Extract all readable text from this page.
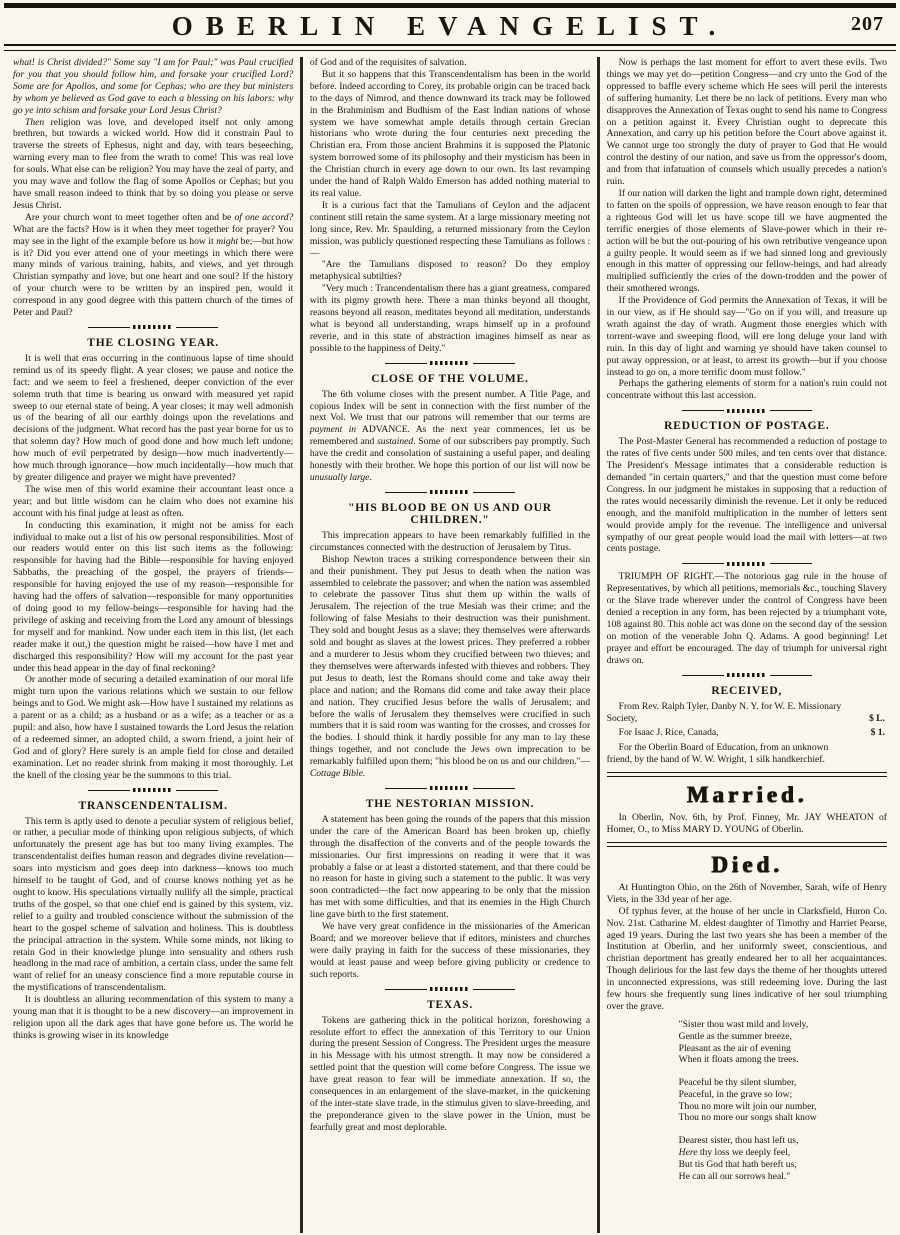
OBERLIN EVANGELIST.	207

what! is Christ divided?" Some say "I am for Paul;" was Paul crucified for you that you should follow him, and forsake your crucified Lord? Some are for Apollos, and some for Cephas; who are they but ministers by whom ye believed as God gave to each a blessing on his labors: why go ye into schism and forsake your Lord Jesus Christ?

Then religion was love, and developed itself not only among brethren, but towards a wicked world. How did it constrain Paul to traverse the streets of Ephesus, night and day, with tears beseeching, warning every man to flee from the wrath to come! This was real love for souls. What else can be religion? You may have the zeal of party, and you may wave and follow the flag of some Apollos or Cephas; but you have small reason indeed to think that by so doing you please or serve Jesus Christ.

Are your church wont to meet together often and be of one accord? What are the facts? How is it when they meet together for prayer? You may see in the light of the example before us how it might be;—but how is it? Did you ever attend one of your meetings in which there were many minds of various training, habits, and views, and yet through Christian sympathy and love, but one heart and one soul? If the history of your church were to be written by an inspired pen, would it correspond in any good degree with this pattern church of the times of Peter and Paul?

THE CLOSING YEAR.

It is well that eras occurring in the continuous lapse of time should remind us of its speedy flight. A year closes; we pause and notice the fact: and we seem to feel a freshened, deeper conviction of the ever solemn truth that time is bearing us onward with measured yet rapid sweep to our eternal state of being. A year closes; it may well admonish us of the bearing of all our earthly doings upon the revelations and decisions of the judgment. What record has the past year borne for us to that solemn day? How much of good done and how much left undone; how much of evil perpetrated by design—how much inadvertently—how much through ignorance—how much incidentally—how much that by greater diligence and prayer we might have prevented?

The wise men of this world examine their accountant least once a year; and but little wisdom can he claim who does not examine his account with his final judge at least as often.

In conducting this examination, it might not be amiss for each individual to make out a list of his ow personal responsibilities. Most of our readers would enter on this list such items as the following: responsible for having had the Bible—responsible for having enjoyed Sabbaths, the preaching of the gospel, the prayers of friends—responsible for having enjoyed the use of my reason—responsible for having had the offers of salvation—responsible for many opportunities of doing good to my fellow-beings—responsible for having had the privilege of asking and receiving from the Lord any amount of blessings for myself and for mankind. Now under each item in this list, (let each reader make it out,) the question might be raised—how have I met and discharged this responsibility? How will my account for the past year under this head appear in the day of final reckoning?

Or another mode of securing a detailed examination of our moral life might turn upon the various relations which we sustain to our fellow beings and to God. We might ask—How have I sustained my relations as a parent or as a child; as a husband or as a wife; as a teacher or as a pupil: and also, how have I sustained towards the Lord Jesus the relation of a redeemed sinner, an adopted child, a sworn friend, a joint heir of God and of glory? Here surely is an ample field for close and detailed examination. Let no reader shrink from making it most thoroughly. Let the knell of the closing year be the summons to this trial.

TRANSCENDENTALISM.

This term is aptly used to denote a peculiar system of religious belief, or rather, a peculiar mode of thinking upon religious subjects, of which unfortunately the present age has but too many living examples. The transcendentalist deifies human reason and degrades divine revelation—soars into mysticism and goes deep into darkness—knows too much himself to be taught of God, and of course knows nothing yet as he ought to know. His speculations virtually nullify all the simple, practical truths of the gospel, so that one chief end is gained by this system, viz. relief to a guilty and troubled conscience without the submission of the heart to the gospel scheme of salvation and holiness. This is doubtless the principal attraction in the system. While some minds, not liking to retain God in their knowledge plunge into sensuality and others rush headlong in the mad race of ambition, a certain class, under the same felt want of relief for an uneasy conscience find a more reputable course in the mystifications of transcendentalism.

It is doubtless an alluring recommendation of this system to many a young man that it is thought to be a new discovery—an improvement in religion upon all the dark ages that have gone before us. The world he thinks is growing wiser in its knowledge

of God and of the requisites of salvation.

But it so happens that this Transcendentalism has been in the world before. Indeed according to Corey, its probable origin can be traced back to the days of Nimrod, and thence downward its track may be followed in the Brahminism and Budhism of the East Indian nations of whose system we have somewhat ample details through certain Grecian historians who wrote during the four centuries next preceding the Christian era. From those ancient Brahmins it is supposed the Platonic system borrowed some of its philosophy and their mysticism has been in the Christian church in every age down to our own. Its last revamping under the hand of Ralph Waldo Emerson has added nothing material to its real value.

It is a curious fact that the Tamulians of Ceylon and the adjacent continent still retain the same system. At a large missionary meeting not long since, Rev. Mr. Spaulding, a returned missionary from the Ceylon mission, was publicly questioned respecting these Tamulians as follows :—

"Are the Tamulians disposed to reason? Do they employ metaphysical subtilties?

"Very much : Trancendentalism there has a giant greatness, compared with its pigmy growth here. There a man thinks beyond all thought, reasons beyond all reason, meditates beyond all meditation, understands what is beyond all understanding, wraps himself up in a profound reverie, and in this state of abstraction imagines himself as near as possible to the happiness of Deity."

CLOSE OF THE VOLUME.

The 6th volume closes with the present number. A Title Page, and copious Index will be sent in connection with the first number of the next Vol. We trust that our patrons will remember that our terms are payment in ADVANCE. As the next year commences, let us be remembered and sustained. Some of our subscribers pay promptly. Such have the credit and consolation of sustaining a useful paper, and dealing honestly with their brother. We hope this portion of our list will now be unusually large.

"HIS BLOOD BE ON US AND OUR CHILDREN."

This imprecation appears to have been remarkably fulfilled in the circumstances connected with the destruction of Jerusalem by Titus.

Bishop Newton traces a striking correspondence between their sin and their punishment. They put Jesus to death when the nation was assembled to celebrate the passover; and when the nation was assembled to celebrate the passover Titus shut them up within the walls of Jerusalem. The rejection of the true Mesiah was their crime; and the following of false Mesiahs to their destruction was their punishment. They sold and bought Jesus as a slave; they themselves were afterwards sold and bought as slaves at the lowest prices. They preferred a robber and a murderer to Jesus whom they crucified between two thieves; and they themselves were afterwards infested with thieves and robbers. They put Jesus to death, lest the Romans should come and take away their place and nation; and the Romans did come and take away their place and nation. They crucified Jesus before the walls of Jerusalem; and before the walls of Jerusalem they themselves were crucified in such numbers that it is said room was wanting for the crosses, and crosses for the bodies. I should think it hardly possible for any man to lay these things together, and not conclude the Jews own imprecation to be remarkably fulfilled upon them; "his blood be on us and our children."—Cottage Bible.

THE NESTORIAN MISSION.

A statement has been going the rounds of the papers that this mission under the care of the American Board has been broken up, chiefly through the disaffection of the converts and of the people towards the missionaries. Our first impressions on reading it were that it was probably a false or at least a distorted statement, and that there could be no reason for haste in giving such a statement to the public. It was very soon contradicted—the fact now appearing to be only that the mission has met with some difficulties, and that its enemies in the High Church line gave birth to the first statement.

We have very great confidence in the missionaries of the American Board; and we moreover believe that if editors, ministers and churches were daily praying in faith for the success of these missionaries, they would at least pause and weep before giving publicity or credence to such reports.

TEXAS.

Tokens are gathering thick in the political horizon, foreshowing a resolute effort to effect the annexation of this Territory to our Union during the present Session of Congress. The President urges the measure in his Message with his utmost strength. It may now be considered a settled point that the question will come before Congress. The issue we have great reason to fear will be immediate annexation. If so, the consequences in an enlargement of the slave-market, in the quickening of the inter-state slave trade, in the stimulus given to slave-breeding, and the preponderance given to the slave power in the Union, must be fearfully great and most deplorable.

Now is perhaps the last moment for effort to avert these evils. Two things we may yet do—petition Congress—and cry unto the God of the oppressed to baffle every scheme which He sees will peril the interests of suffering humanity. Let there be no lack of petitions. Every man who disapproves the Annexation of Texas ought to send his name to Congress on a petition against it. Every Christian ought to deprecate this Annexation, and carry up his petition before the Court above against it. We cannot urge too strongly the duty of prayer to God that He would control the destiny of our nation, and save us from the oppressor's doom, and from that infatuation of counsels which usually precedes a nation's ruin.

If our nation will darken the light and trample down right, determined to fatten on the spoils of oppression, we have reason enough to fear that a righteous God will let us have scope till we have augmented the terrific energies of those elements of Slave-power which in their re-action will be but the out-pouring of his own retributive vengeance upon a guilty people. It would seem as if we had sinned long and greviously enough in this matter of oppressing our fellow-beings, and had already multiplied sufficiently the cries of the down-trodden and the power of their smothered wrongs.

If the Providence of God permits the Annexation of Texas, it will be in our view, as if He should say—"Go on if you will, and treasure up wrath against the day of wrath. Augment those energies which with torrent-wave and sweeping flood, will ere long deluge your land with ruin. In this day of light and warning ye should have taken counsel to put away oppression, or at least, to arrest its growth—but if you choose instead to go on, a more terrific doom must follow."

Perhaps the gathering elements of storm for a nation's ruin could not concentrate without this last accession.

REDUCTION OF POSTAGE.

The Post-Master General has recommended a reduction of postage to the rates of five cents under 500 miles, and ten cents over that distance. The President's Message intimates that a considerable reduction is demanded "in certain quarters," and that the question must come before Congress. In our judgment he mistakes in supposing that a reduction of the rates would necessarily diminish the revenue. Let it only be reduced enough, and the manifold multiplication in the number of letters sent would provide amply for the revenue. The intelligence and universal sympathy of our great people would load the mail with letters—at two cents postage.

TRIUMPH OF RIGHT.—The notorious gag rule in the house of Representatives, by which all petitions, memorials &c., touching Slavery or the Slave trade wherever under the control of Congress have been denied a reception in any form, has been rejected by a triumphant vote, 108 against 80. This noble act was done on the second day of the session on motion of the venerable John Q. Adams. A good beginning! Let prayer and effort be encouraged. The day of triumph for universal right draws on.

RECEIVED,

From Rev. Ralph Tyler, Danby N. Y. for W. E. Missionary Society,	$ L.

For Isaac J. Rice, Canada,	$ 1.

For the Oberlin Board of Education, from an unknown friend, by the hand of W. W. Wright, 1 silk handkerchief.

Married.

In Oberlin, Nov. 6th, by Prof. Finney, Mr. JAY WHEATON of Homer, O., to Miss MARY D. YOUNG of Oberlin.

Died.

At Huntington Ohio, on the 26th of November, Sarah, wife of Henry Viets, in the 33d year of her age.

Of typhus fever, at the house of her uncle in Clarksfield, Huron Co. Nov. 21st. Catharine M. eldest daughter of Timothy and Harriet Pearse, aged 19 years. During the last two years she has been a member of the Institution at Oberlin, and her uniformly sweet, conscientious, and christian deportment has greatly endeared her to all her acquaintances. Though delirious for the last few days the theme of her thoughts uttered in unconnected expressions, was still redeeming love. During the last few hours she frequently sung lines indicative of her soul triumphing over the grave.

"Sister thou wast mild and lovely,
Gentle as the summer breeze,
Pleasant as the air of evening
When it floats among the trees.
Peaceful be thy silent slumber,
Peaceful, in the grave so low;
Thou no more wilt join our number,
Thou no more our songs shalt know
Dearest sister, thou hast left us,
Here thy loss we deeply feel,
But tis God that hath bereft us,
He can all our sorrows heal."
